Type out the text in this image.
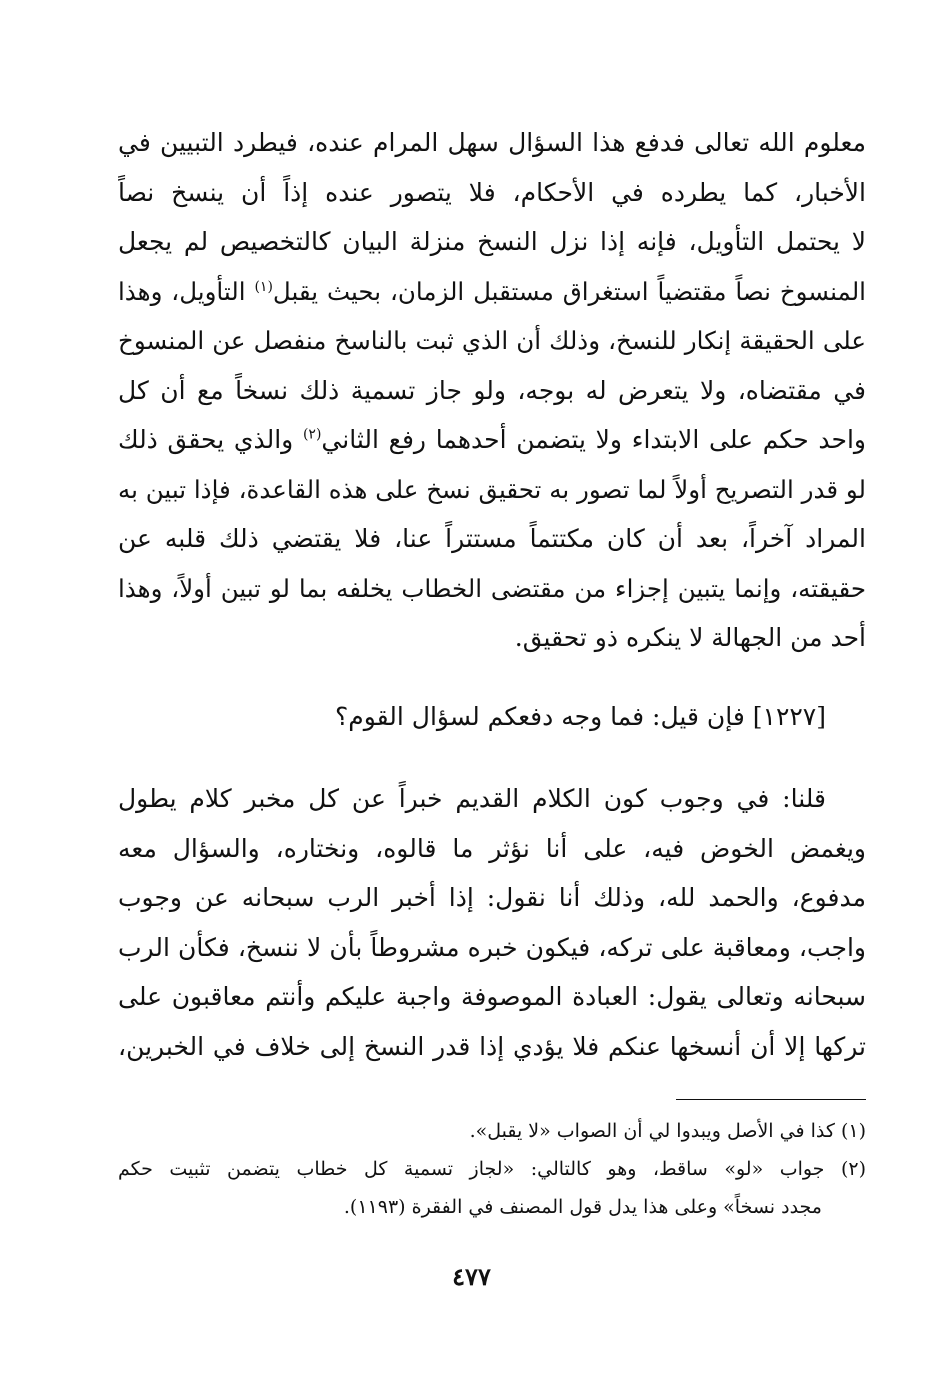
معلوم الله تعالى فدفع هذا السؤال سهل المرام عنده، فيطرد التبيين في
الأخبار، كما يطرده في الأحكام، فلا يتصور عنده إذاً أن ينسخ نصاً
لا يحتمل التأويل، فإنه إذا نزل النسخ منزلة البيان كالتخصيص لم يجعل
المنسوخ نصاً مقتضياً استغراق مستقبل الزمان، بحيث يقبل$^{(١)}$ التأويل، وهذا
على الحقيقة إنكار للنسخ، وذلك أن الذي ثبت بالناسخ منفصل عن المنسوخ
في مقتضاه، ولا يتعرض له بوجه، ولو جاز تسمية ذلك نسخاً مع أن كل
واحد حكم على الابتداء ولا يتضمن أحدهما رفع الثاني$^{(٢)}$ والذي يحقق ذلك
لو قدر التصريح أولاً لما تصور به تحقيق نسخ على هذه القاعدة، فإذا تبين به
المراد آخراً، بعد أن كان مكتتماً مستتراً عنا، فلا يقتضي ذلك قلبه عن
حقيقته، وإنما يتبين إجزاء من مقتضى الخطاب يخلفه بما لو تبين أولاً، وهذا
أحد من الجهالة لا ينكره ذو تحقيق.
[١٢٢٧] فإن قيل: فما وجه دفعكم لسؤال القوم؟
قلنا: في وجوب كون الكلام القديم خبراً عن كل مخبر كلام يطول
ويغمض الخوض فيه، على أنا نؤثر ما قالوه، ونختاره، والسؤال معه
مدفوع، والحمد لله، وذلك أنا نقول: إذا أخبر الرب سبحانه عن وجوب
واجب، ومعاقبة على تركه، فيكون خبره مشروطاً بأن لا ننسخ، فكأن الرب
سبحانه وتعالى يقول: العبادة الموصوفة واجبة عليكم وأنتم معاقبون على
تركها إلا أن أنسخها عنكم فلا يؤدي إذا قدر النسخ إلى خلاف في الخبرين،
(١) كذا في الأصل ويبدوا لي أن الصواب «لا يقبل».
(٢) جواب «لو» ساقط، وهو كالتالي: «لجاز تسمية كل خطاب يتضمن تثبيت حكم
مجدد نسخاً» وعلى هذا يدل قول المصنف في الفقرة (١١٩٣).
٤٧٧
